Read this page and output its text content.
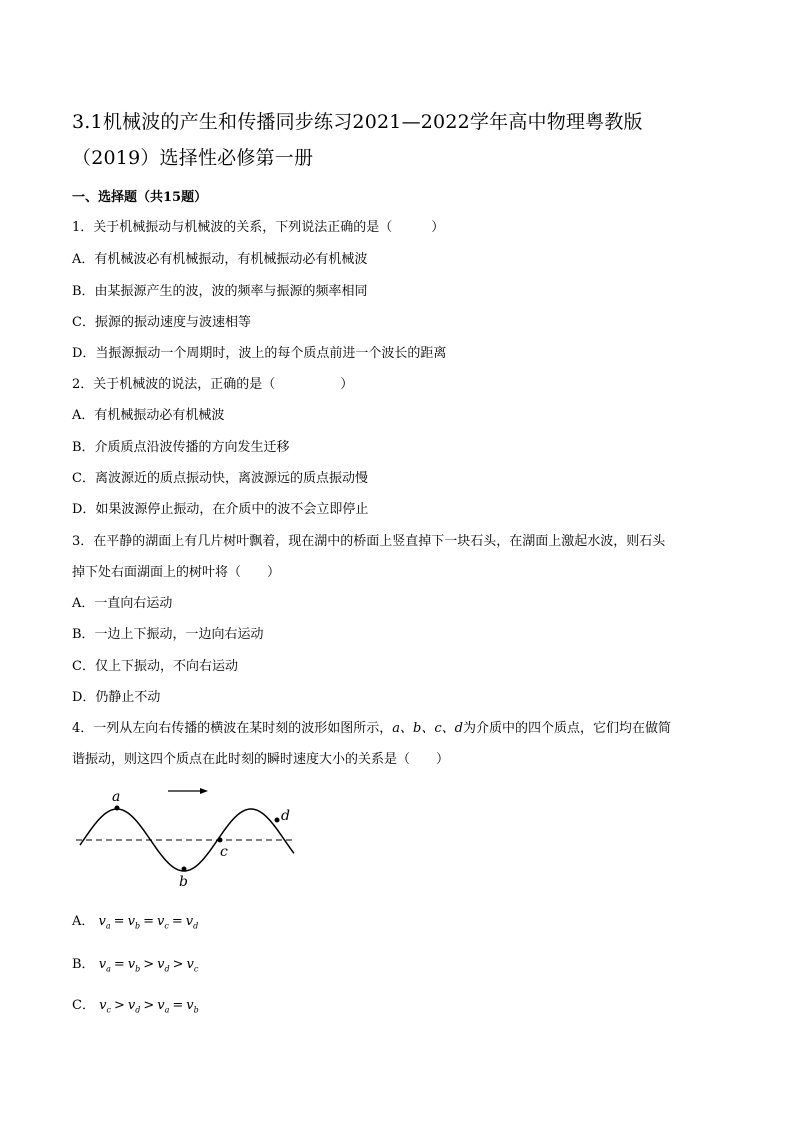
3.1机械波的产生和传播同步练习2021—2022学年高中物理粤教版
（2019）选择性必修第一册
一、选择题（共15题）
1．关于机械振动与机械波的关系，下列说法正确的是（　　　）
A．有机械波必有机械振动，有机械振动必有机械波
B．由某振源产生的波，波的频率与振源的频率相同
C．振源的振动速度与波速相等
D．当振源振动一个周期时，波上的每个质点前进一个波长的距离
2．关于机械波的说法，正确的是（　　　　　）
A．有机械振动必有机械波
B．介质质点沿波传播的方向发生迁移
C．离波源近的质点振动快，离波源远的质点振动慢
D．如果波源停止振动，在介质中的波不会立即停止
3．在平静的湖面上有几片树叶飘着，现在湖中的桥面上竖直掉下一块石头，在湖面上激起水波，则石头
掉下处右面湖面上的树叶将（　　）
A．一直向右运动
B．一边上下振动，一边向右运动
C．仅上下振动，不向右运动
D．仍静止不动
4．一列从左向右传播的横波在某时刻的波形如图所示，a、b、c、d为介质中的四个质点，它们均在做简
谐振动，则这四个质点在此时刻的瞬时速度大小的关系是（　　）
a
b
c
d
A． $v_a = v_b = v_c = v_d$
B． $v_a = v_b > v_d > v_c$
C． $v_c > v_d > v_a = v_b$
